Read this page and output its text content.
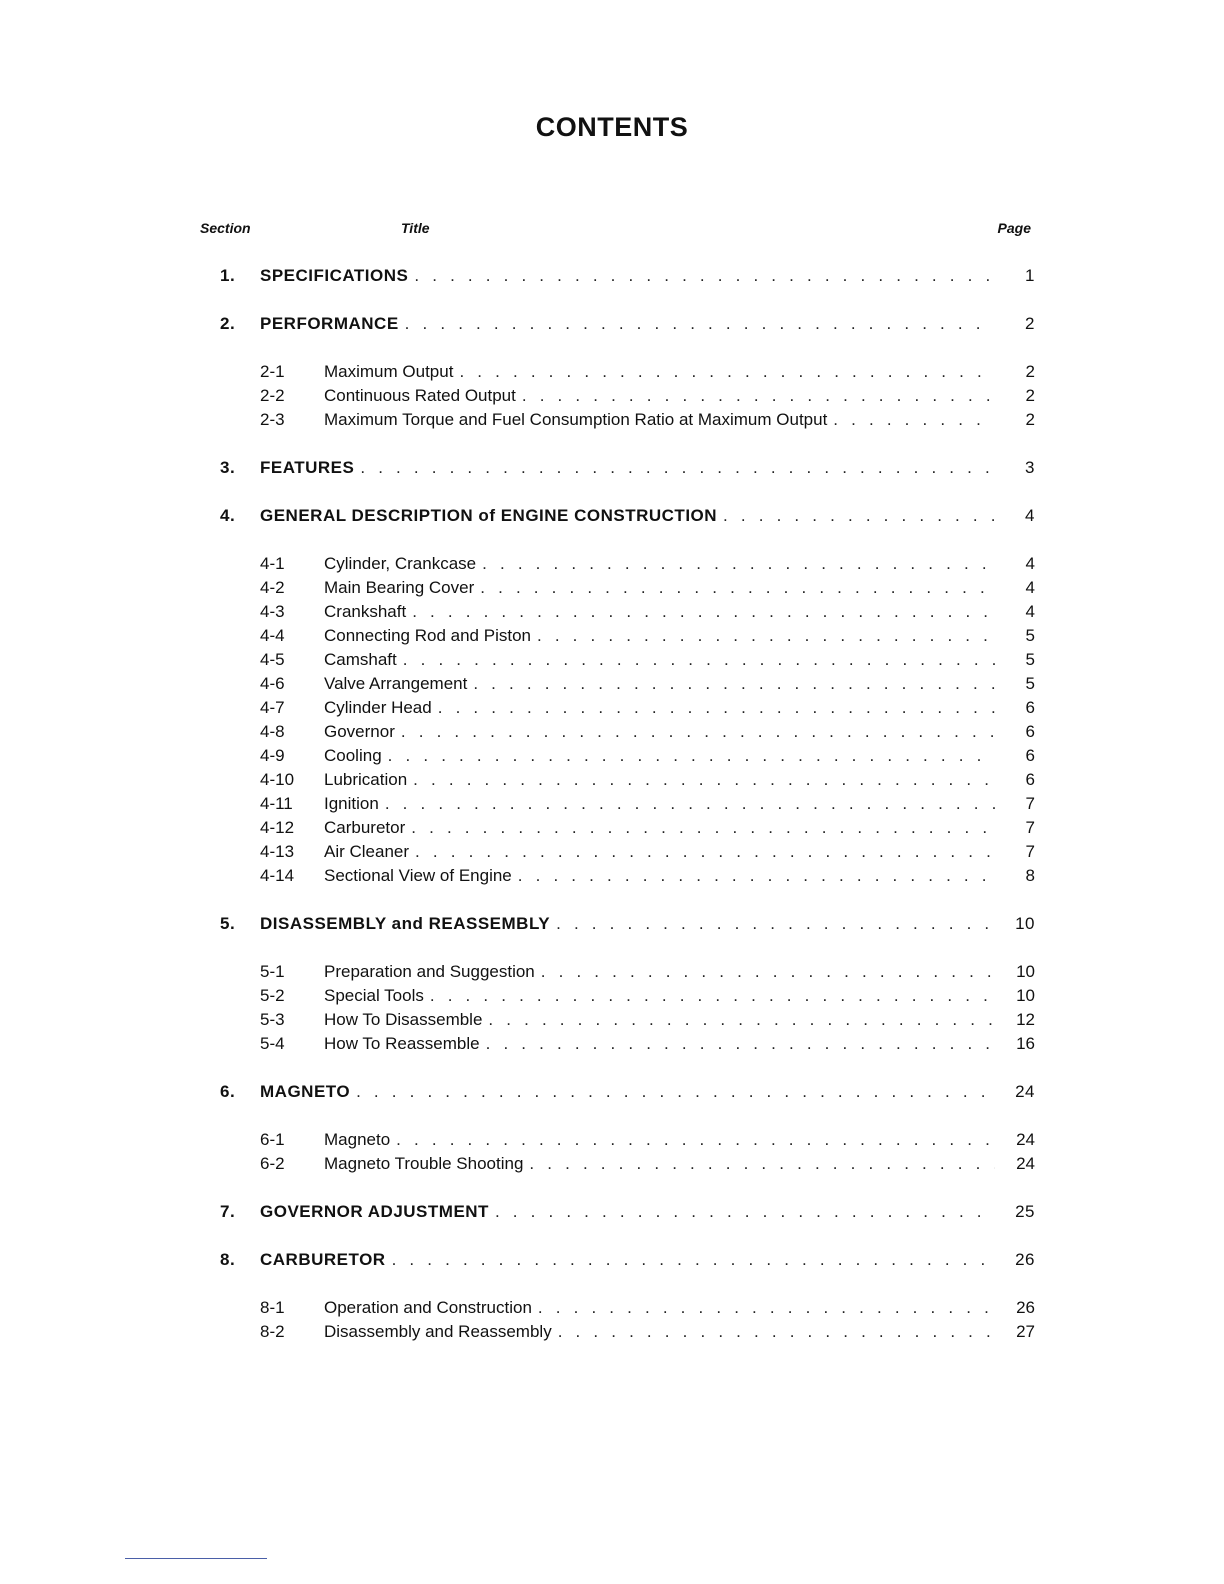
CONTENTS
Section	Title	Page
1. SPECIFICATIONS . . .	1
2. PERFORMANCE . . .	2
2-1 Maximum Output . . .	2
2-2 Continuous Rated Output . . .	2
2-3 Maximum Torque and Fuel Consumption Ratio at Maximum Output . . .	2
3. FEATURES . . .	3
4. GENERAL DESCRIPTION of ENGINE CONSTRUCTION . . .	4
4-1 Cylinder, Crankcase . . .	4
4-2 Main Bearing Cover . . .	4
4-3 Crankshaft . . .	4
4-4 Connecting Rod and Piston . . .	5
4-5 Camshaft . . .	5
4-6 Valve Arrangement . . .	5
4-7 Cylinder Head . . .	6
4-8 Governor . . .	6
4-9 Cooling . . .	6
4-10 Lubrication . . .	6
4-11 Ignition . . .	7
4-12 Carburetor . . .	7
4-13 Air Cleaner . . .	7
4-14 Sectional View of Engine . . .	8
5. DISASSEMBLY and REASSEMBLY . . .	10
5-1 Preparation and Suggestion . . .	10
5-2 Special Tools . . .	10
5-3 How To Disassemble . . .	12
5-4 How To Reassemble . . .	16
6. MAGNETO . . .	24
6-1 Magneto . . .	24
6-2 Magneto Trouble Shooting . . .	24
7. GOVERNOR ADJUSTMENT . . .	25
8. CARBURETOR . . .	26
8-1 Operation and Construction . . .	26
8-2 Disassembly and Reassembly . . .	27
